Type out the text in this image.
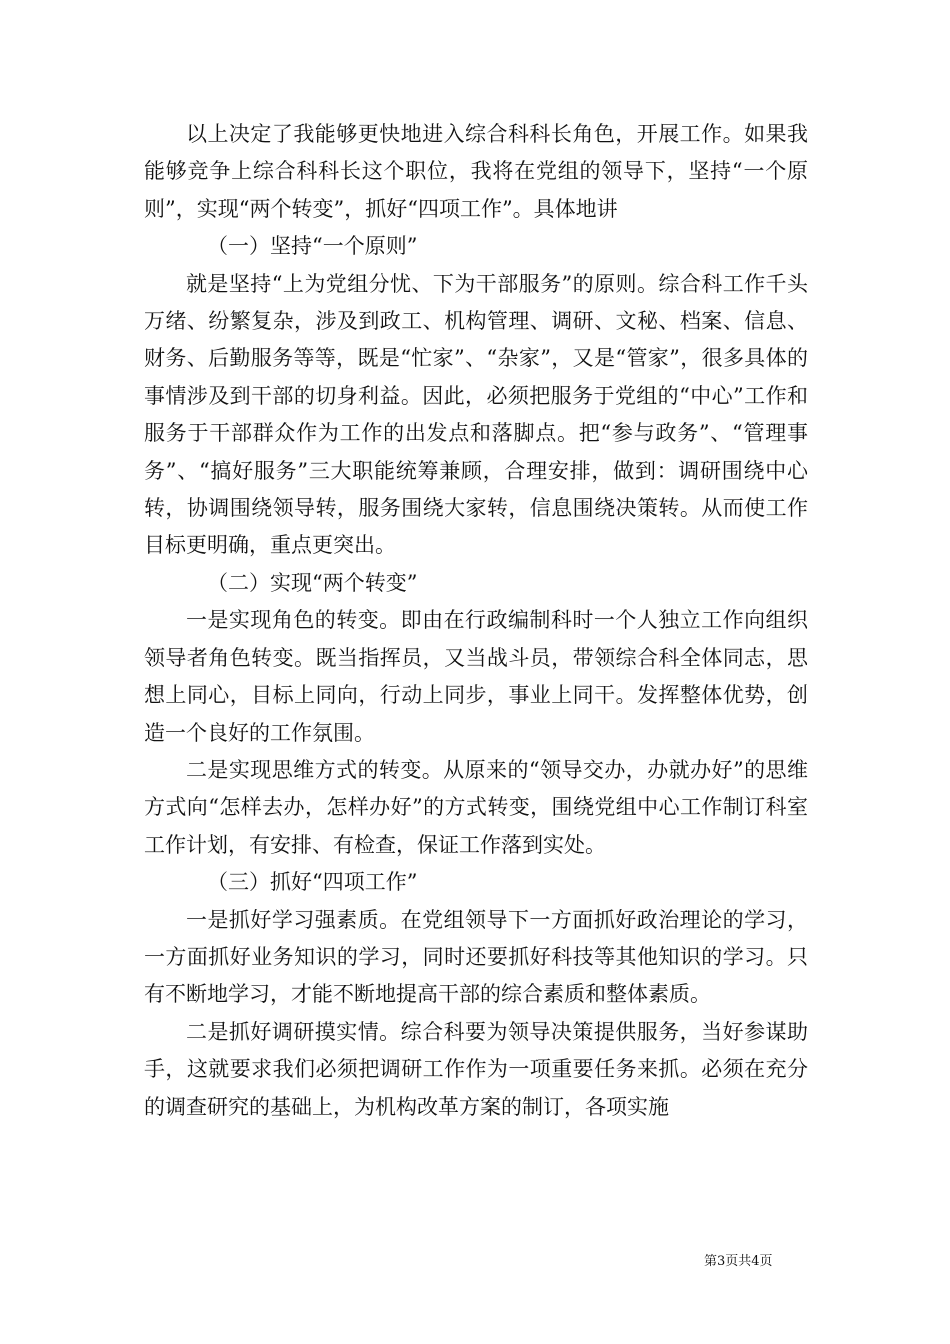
以上决定了我能够更快地进入综合科科长角色，开展工作。如果我能够竞争上综合科科长这个职位，我将在党组的领导下，坚持“一个原则”，实现“两个转变”，抓好“四项工作”。具体地讲

（一）坚持“一个原则”

就是坚持“上为党组分忧、下为干部服务”的原则。综合科工作千头万绪、纷繁复杂，涉及到政工、机构管理、调研、文秘、档案、信息、财务、后勤服务等等，既是“忙家”、“杂家”，又是“管家”，很多具体的事情涉及到干部的切身利益。因此，必须把服务于党组的“中心”工作和服务于干部群众作为工作的出发点和落脚点。把“参与政务”、“管理事务”、“搞好服务”三大职能统筹兼顾，合理安排，做到：调研围绕中心转，协调围绕领导转，服务围绕大家转，信息围绕决策转。从而使工作目标更明确，重点更突出。

（二）实现“两个转变”

一是实现角色的转变。即由在行政编制科时一个人独立工作向组织领导者角色转变。既当指挥员，又当战斗员，带领综合科全体同志，思想上同心，目标上同向，行动上同步，事业上同干。发挥整体优势，创造一个良好的工作氛围。

二是实现思维方式的转变。从原来的“领导交办，办就办好”的思维方式向“怎样去办，怎样办好”的方式转变，围绕党组中心工作制订科室工作计划，有安排、有检查，保证工作落到实处。

（三）抓好“四项工作”

一是抓好学习强素质。在党组领导下一方面抓好政治理论的学习，一方面抓好业务知识的学习，同时还要抓好科技等其他知识的学习。只有不断地学习，才能不断地提高干部的综合素质和整体素质。

二是抓好调研摸实情。综合科要为领导决策提供服务，当好参谋助手，这就要求我们必须把调研工作作为一项重要任务来抓。必须在充分的调查研究的基础上，为机构改革方案的制订，各项实施

第3页共4页
